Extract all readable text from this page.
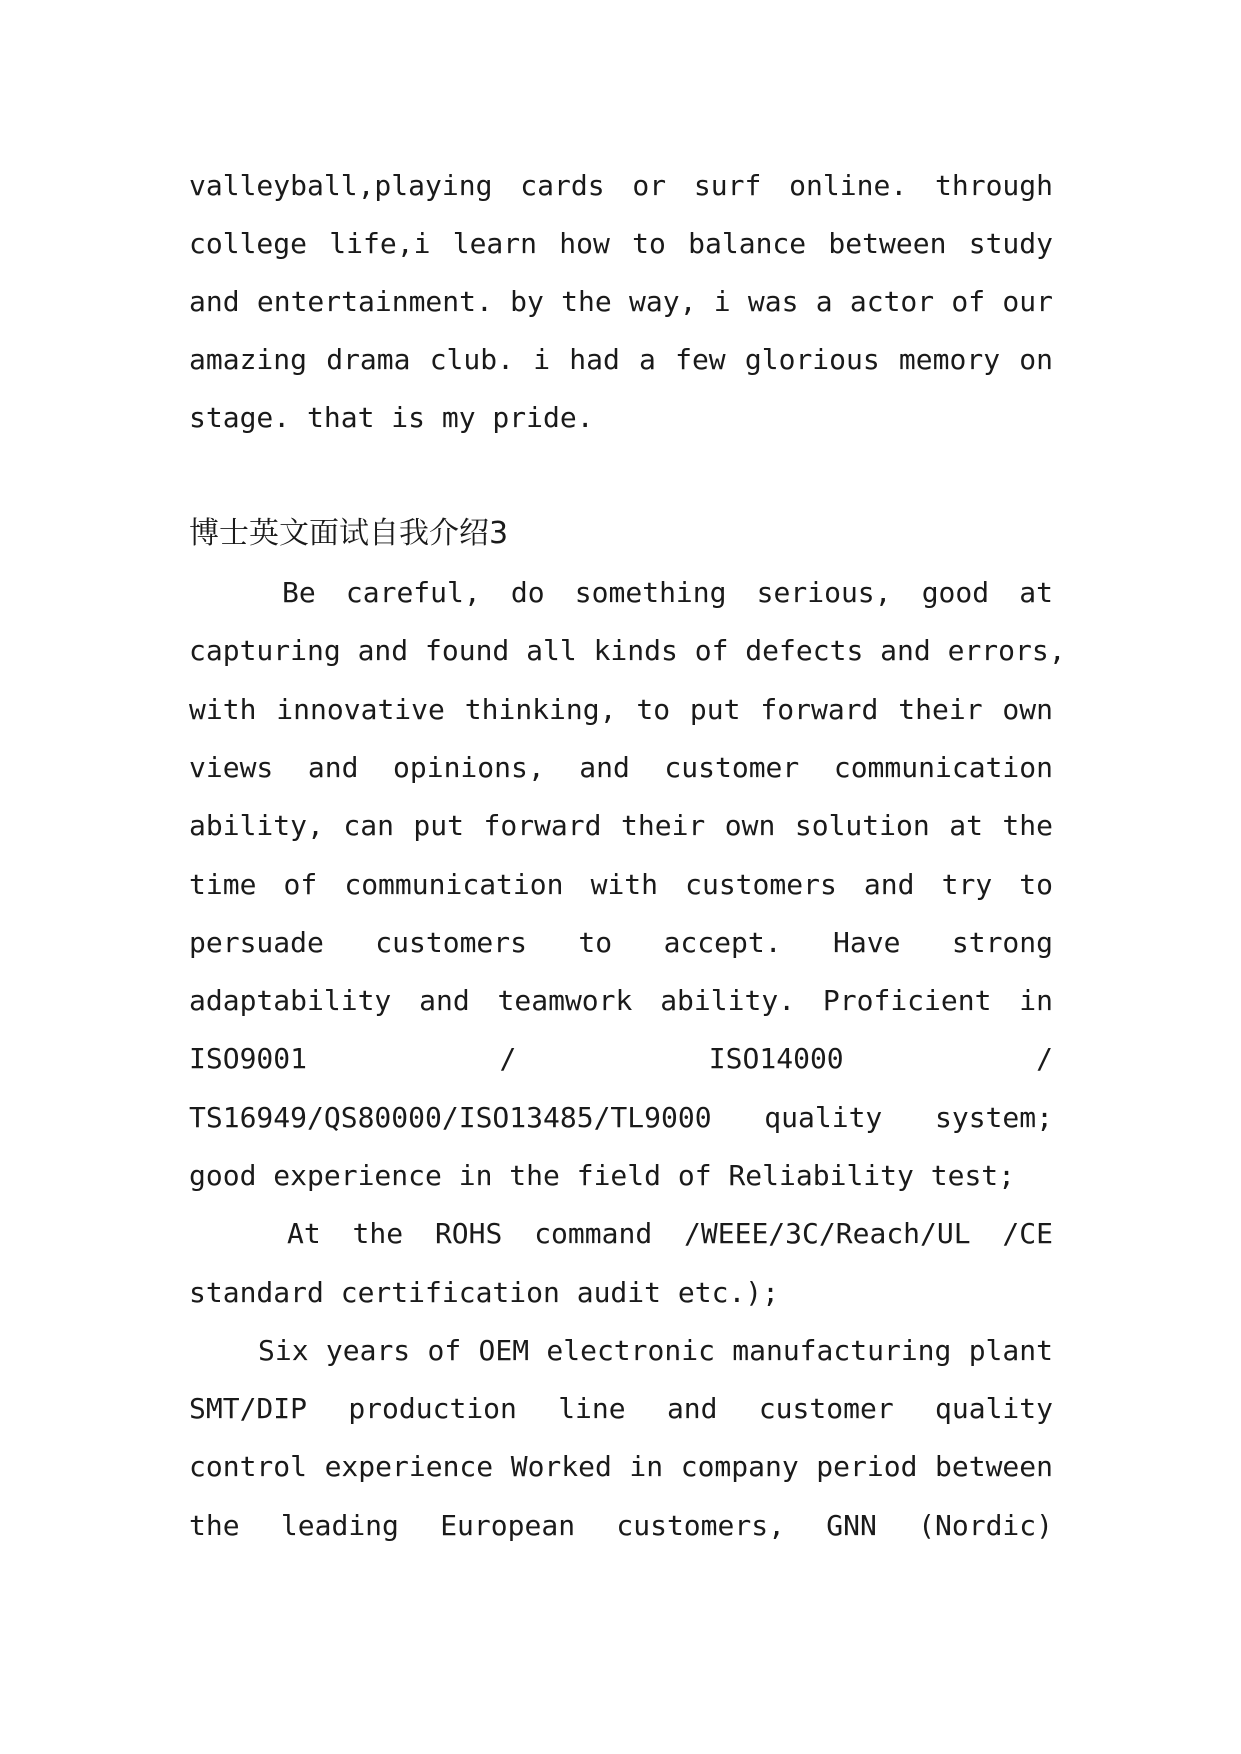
valleyball,playing cards or surf online. through
college life,i learn how to balance between study
and entertainment. by the way, i was a actor of our
amazing drama club. i had a few glorious memory on
stage. that is my pride.
博士英文面试自我介绍3
Be careful, do something serious, good at
capturing and found all kinds of defects and errors,
with innovative thinking, to put forward their own
views and opinions, and customer communication
ability, can put forward their own solution at the
time of communication with customers and try to
persuade customers to accept. Have strong
adaptability and teamwork ability. Proficient in
ISO9001 / ISO14000 /
TS16949/QS80000/ISO13485/TL9000 quality system;
good experience in the field of Reliability test;
At the ROHS command /WEEE/3C/Reach/UL /CE
standard certification audit etc.);
Six years of OEM electronic manufacturing plant
SMT/DIP production line and customer quality
control experience Worked in company period between
the leading European customers, GNN (Nordic)
